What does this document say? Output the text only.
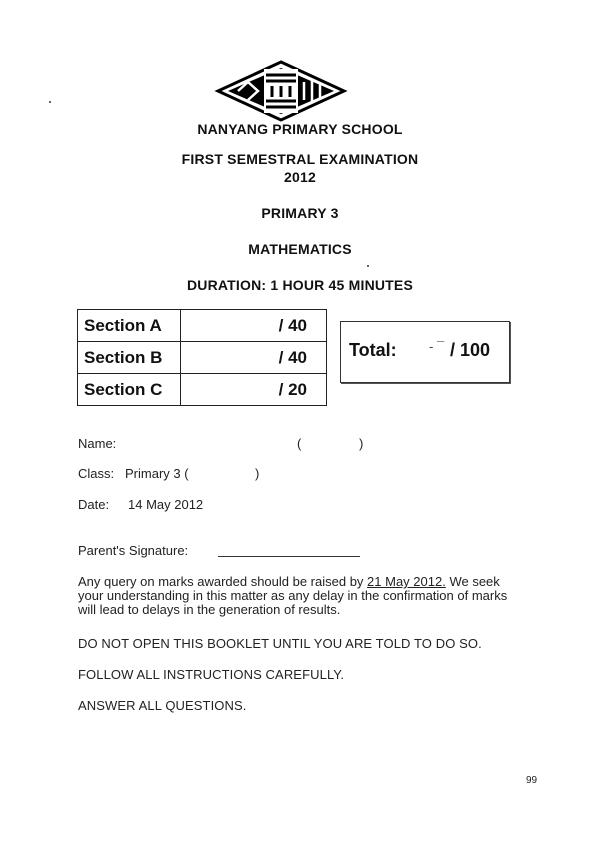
NANYANG PRIMARY SCHOOL
FIRST SEMESTRAL EXAMINATION
2012
PRIMARY 3
MATHEMATICS
DURATION: 1 HOUR 45 MINUTES
Section A	/ 40
Section B	/ 40
Section C	/ 20
Total: - ¯ / 100
Name:	(	)
Class: Primary 3 (	)
Date: 14 May 2012
Parent's Signature:
Any query on marks awarded should be raised by 21 May 2012. We seek your understanding in this matter as any delay in the confirmation of marks will lead to delays in the generation of results.
DO NOT OPEN THIS BOOKLET UNTIL YOU ARE TOLD TO DO SO.
FOLLOW ALL INSTRUCTIONS CAREFULLY.
ANSWER ALL QUESTIONS.
99
